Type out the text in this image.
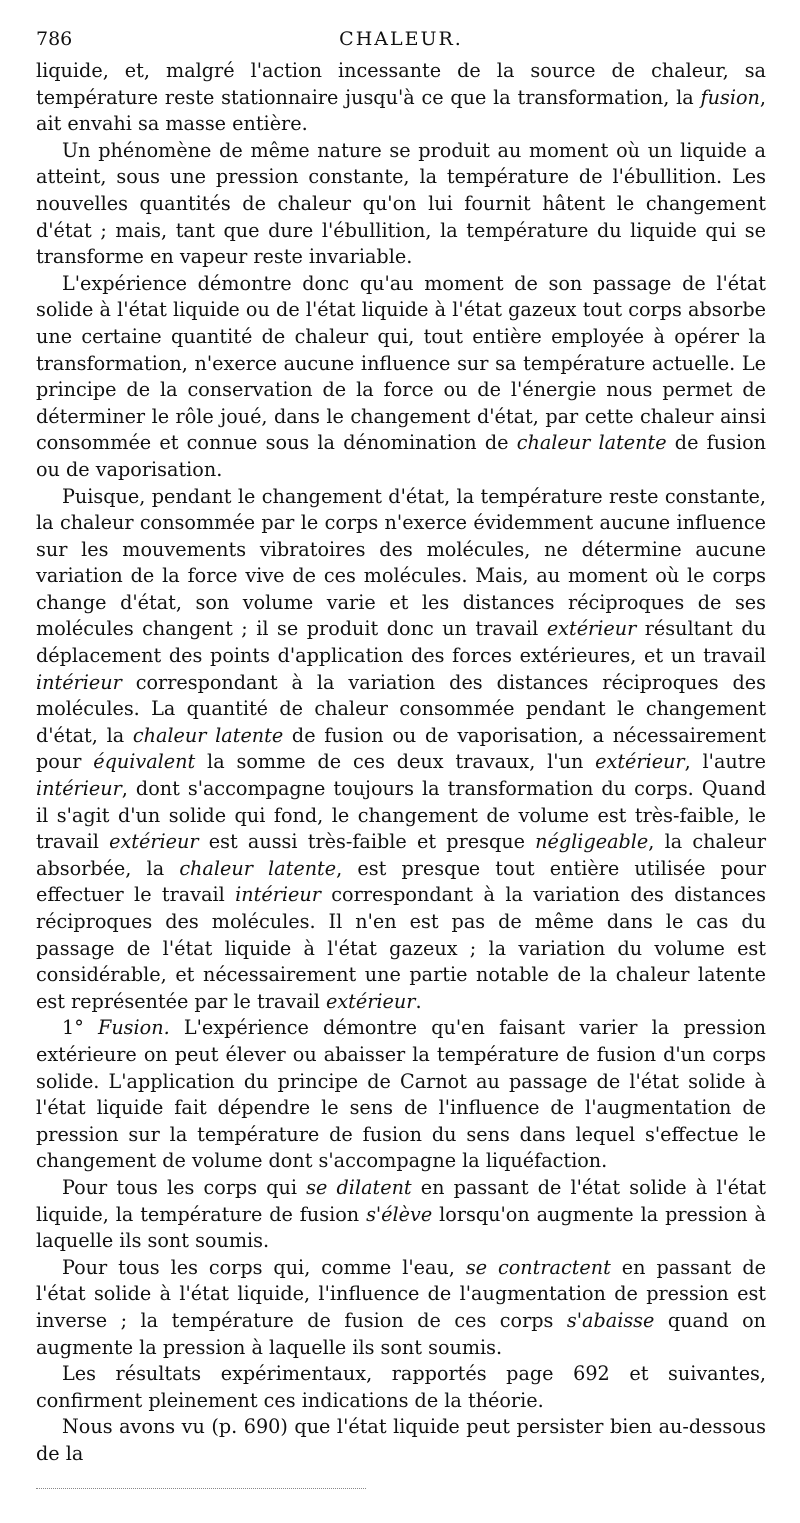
786	CHALEUR.

liquide, et, malgré l'action incessante de la source de chaleur, sa température reste stationnaire jusqu'à ce que la transformation, la fusion, ait envahi sa masse entière.

Un phénomène de même nature se produit au moment où un liquide a atteint, sous une pression constante, la température de l'ébullition. Les nouvelles quantités de chaleur qu'on lui fournit hâtent le changement d'état ; mais, tant que dure l'ébullition, la température du liquide qui se transforme en vapeur reste invariable.

L'expérience démontre donc qu'au moment de son passage de l'état solide à l'état liquide ou de l'état liquide à l'état gazeux tout corps absorbe une certaine quantité de chaleur qui, tout entière employée à opérer la transformation, n'exerce aucune influence sur sa température actuelle. Le principe de la conservation de la force ou de l'énergie nous permet de déterminer le rôle joué, dans le changement d'état, par cette chaleur ainsi consommée et connue sous la dénomination de chaleur latente de fusion ou de vaporisation.

Puisque, pendant le changement d'état, la température reste constante, la chaleur consommée par le corps n'exerce évidemment aucune influence sur les mouvements vibratoires des molécules, ne détermine aucune variation de la force vive de ces molécules. Mais, au moment où le corps change d'état, son volume varie et les distances réciproques de ses molécules changent ; il se produit donc un travail extérieur résultant du déplacement des points d'application des forces extérieures, et un travail intérieur correspondant à la variation des distances réciproques des molécules. La quantité de chaleur consommée pendant le changement d'état, la chaleur latente de fusion ou de vaporisation, a nécessairement pour équivalent la somme de ces deux travaux, l'un extérieur, l'autre intérieur, dont s'accompagne toujours la transformation du corps. Quand il s'agit d'un solide qui fond, le changement de volume est très-faible, le travail extérieur est aussi très-faible et presque négligeable, la chaleur absorbée, la chaleur latente, est presque tout entière utilisée pour effectuer le travail intérieur correspondant à la variation des distances réciproques des molécules. Il n'en est pas de même dans le cas du passage de l'état liquide à l'état gazeux ; la variation du volume est considérable, et nécessairement une partie notable de la chaleur latente est représentée par le travail extérieur.

1° Fusion. L'expérience démontre qu'en faisant varier la pression extérieure on peut élever ou abaisser la température de fusion d'un corps solide. L'application du principe de Carnot au passage de l'état solide à l'état liquide fait dépendre le sens de l'influence de l'augmentation de pression sur la température de fusion du sens dans lequel s'effectue le changement de volume dont s'accompagne la liquéfaction.

Pour tous les corps qui se dilatent en passant de l'état solide à l'état liquide, la température de fusion s'élève lorsqu'on augmente la pression à laquelle ils sont soumis.

Pour tous les corps qui, comme l'eau, se contractent en passant de l'état solide à l'état liquide, l'influence de l'augmentation de pression est inverse ; la température de fusion de ces corps s'abaisse quand on augmente la pression à laquelle ils sont soumis.

Les résultats expérimentaux, rapportés page 692 et suivantes, confirment pleinement ces indications de la théorie.

Nous avons vu (p. 690) que l'état liquide peut persister bien au-dessous de la
